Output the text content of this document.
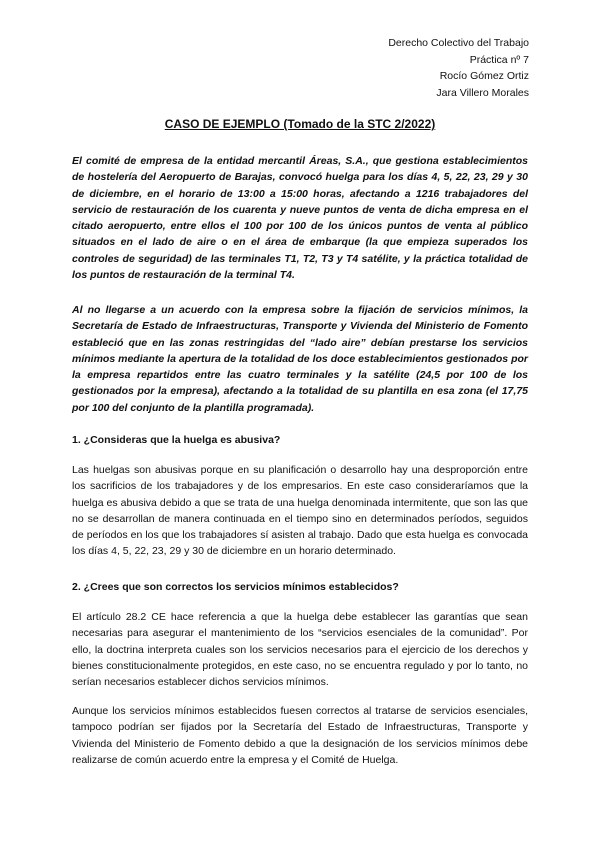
Derecho Colectivo del Trabajo
Práctica nº 7
Rocío Gómez Ortiz
Jara Villero Morales
CASO DE EJEMPLO (Tomado de la STC 2/2022)

El comité de empresa de la entidad mercantil Áreas, S.A., que gestiona establecimientos de hostelería del Aeropuerto de Barajas, convocó huelga para los días 4, 5, 22, 23, 29 y 30 de diciembre, en el horario de 13:00 a 15:00 horas, afectando a 1216 trabajadores del servicio de restauración de los cuarenta y nueve puntos de venta de dicha empresa en el citado aeropuerto, entre ellos el 100 por 100 de los únicos puntos de venta al público situados en el lado de aire o en el área de embarque (la que empieza superados los controles de seguridad) de las terminales T1, T2, T3 y T4 satélite, y la práctica totalidad de los puntos de restauración de la terminal T4.

Al no llegarse a un acuerdo con la empresa sobre la fijación de servicios mínimos, la Secretaría de Estado de Infraestructuras, Transporte y Vivienda del Ministerio de Fomento estableció que en las zonas restringidas del “lado aire” debían prestarse los servicios mínimos mediante la apertura de la totalidad de los doce establecimientos gestionados por la empresa repartidos entre las cuatro terminales y la satélite (24,5 por 100 de los gestionados por la empresa), afectando a la totalidad de su plantilla en esa zona (el 17,75 por 100 del conjunto de la plantilla programada).

1. ¿Consideras que la huelga es abusiva?

Las huelgas son abusivas porque en su planificación o desarrollo hay una desproporción entre los sacrificios de los trabajadores y de los empresarios. En este caso consideraríamos que la huelga es abusiva debido a que se trata de una huelga denominada intermitente, que son las que no se desarrollan de manera continuada en el tiempo sino en determinados períodos, seguidos de períodos en los que los trabajadores sí asisten al trabajo. Dado que esta huelga es convocada los días 4, 5, 22, 23, 29 y 30 de diciembre en un horario determinado.

2. ¿Crees que son correctos los servicios mínimos establecidos?

El artículo 28.2 CE hace referencia a que la huelga debe establecer las garantías que sean necesarias para asegurar el mantenimiento de los “servicios esenciales de la comunidad”. Por ello, la doctrina interpreta cuales son los servicios necesarios para el ejercicio de los derechos y bienes constitucionalmente protegidos, en este caso, no se encuentra regulado y por lo tanto, no serían necesarios establecer dichos servicios mínimos.

Aunque los servicios mínimos establecidos fuesen correctos al tratarse de servicios esenciales, tampoco podrían ser fijados por la Secretaría del Estado de Infraestructuras, Transporte y Vivienda del Ministerio de Fomento debido a que la designación de los servicios mínimos debe realizarse de común acuerdo entre la empresa y el Comité de Huelga.
